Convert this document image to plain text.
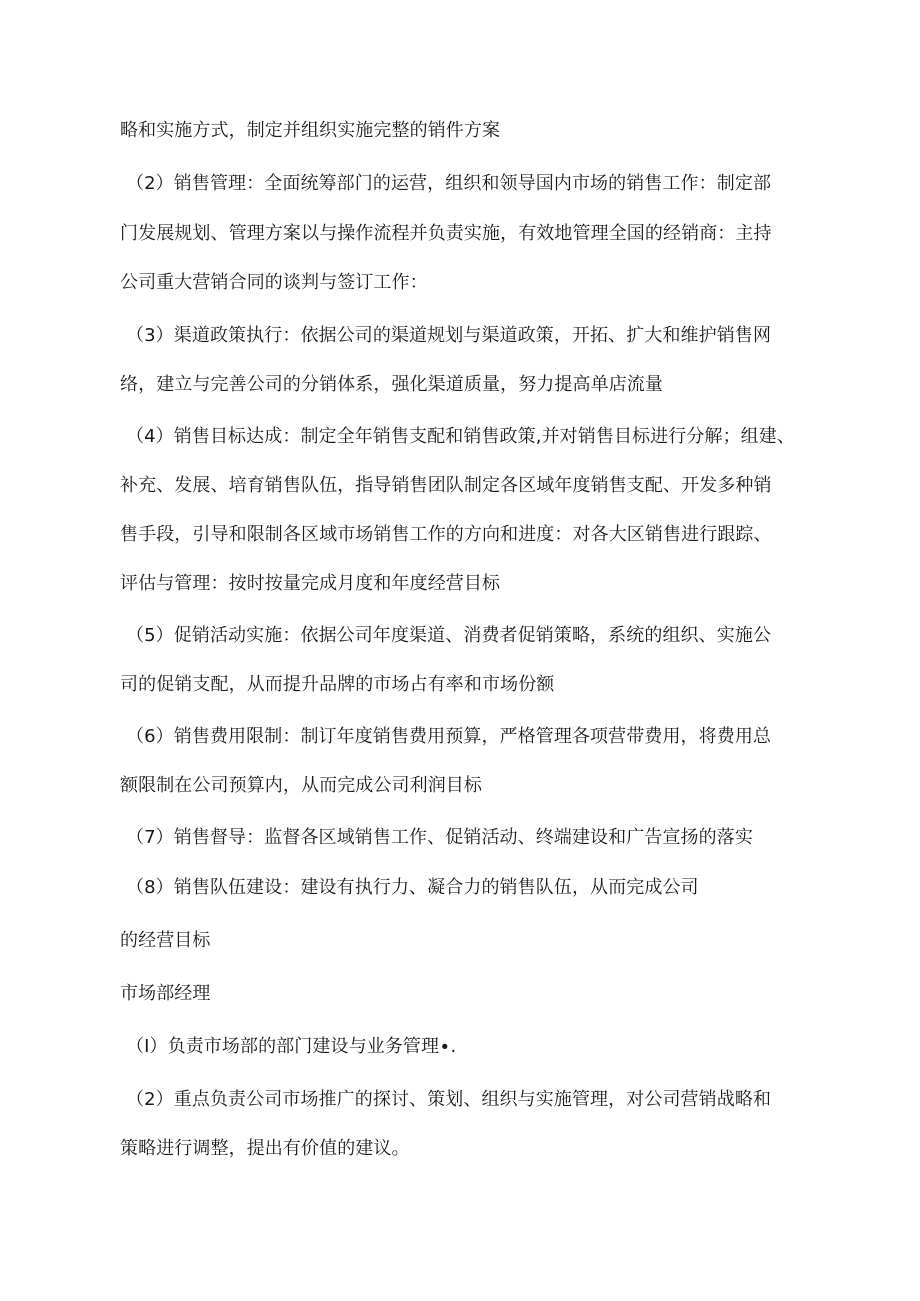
略和实施方式，制定并组织实施完整的销件方案
（2）销售管理：全面统筹部门的运营，组织和领导国内市场的销售工作：制定部
门发展规划、管理方案以与操作流程并负责实施，有效地管理全国的经销商：主持
公司重大营销合同的谈判与签订工作：
（3）渠道政策执行：依据公司的渠道规划与渠道政策，开拓、扩大和维护销售网
络，建立与完善公司的分销体系，强化渠道质量，努力提高单店流量
（4）销售目标达成：制定全年销售支配和销售政策,并对销售目标进行分解；组建、
补充、发展、培育销售队伍，指导销售团队制定各区域年度销售支配、开发多种销
售手段，引导和限制各区域市场销售工作的方向和进度：对各大区销售进行跟踪、
评估与管理：按时按量完成月度和年度经营目标
（5）促销活动实施：依据公司年度渠道、消费者促销策略，系统的组织、实施公
司的促销支配，从而提升品牌的市场占有率和市场份额
（6）销售费用限制：制订年度销售费用预算，严格管理各项营带费用，将费用总
额限制在公司预算内，从而完成公司利润目标
（7）销售督导：监督各区域销售工作、促销活动、终端建设和广告宣扬的落实
（8）销售队伍建设：建设有执行力、凝合力的销售队伍，从而完成公司
的经营目标
市场部经理
（I）负责市场部的部门建设与业务管理∙.
（2）重点负责公司市场推广的探讨、策划、组织与实施管理，对公司营销战略和
策略进行调整，提出有价值的建议。
